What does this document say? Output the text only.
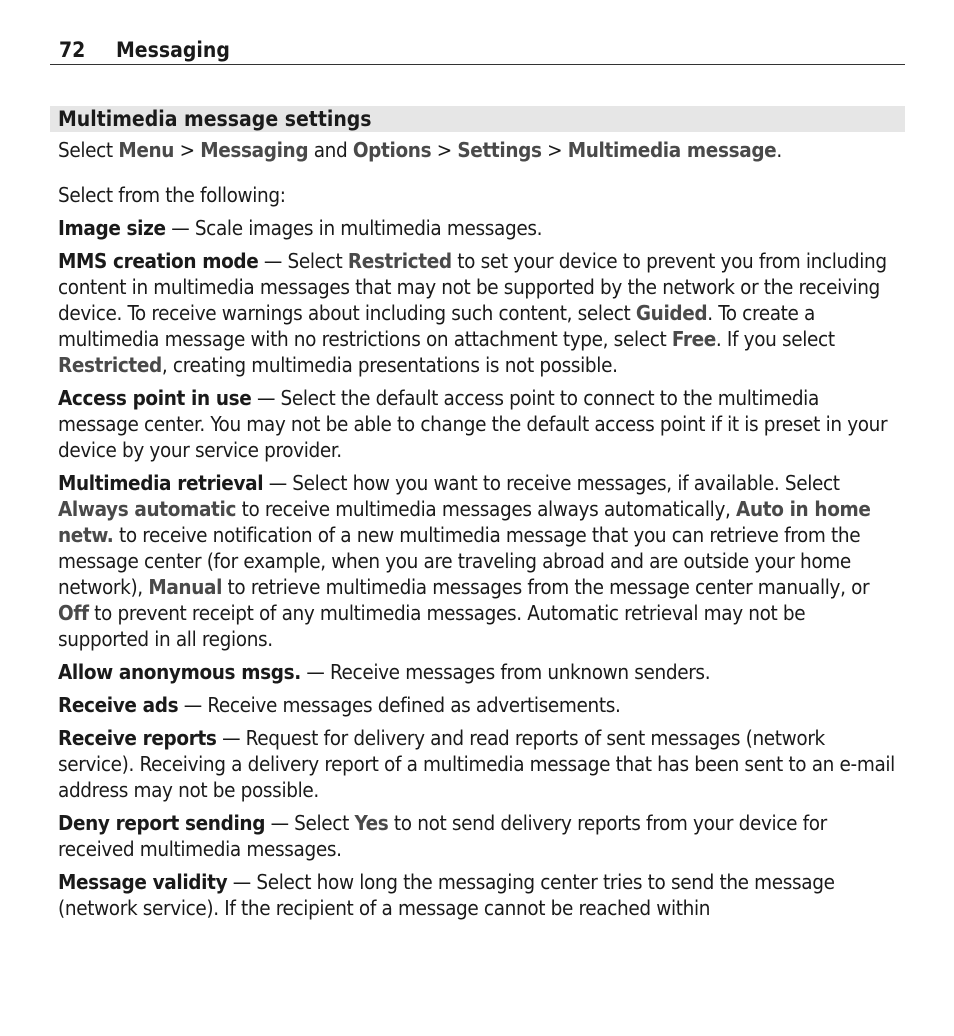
72 Messaging
Multimedia message settings

Select Menu > Messaging and Options > Settings > Multimedia message.

Select from the following:

Image size — Scale images in multimedia messages.

MMS creation mode — Select Restricted to set your device to prevent you from including content in multimedia messages that may not be supported by the network or the receiving device. To receive warnings about including such content, select Guided. To create a multimedia message with no restrictions on attachment type, select Free. If you select Restricted, creating multimedia presentations is not possible.

Access point in use — Select the default access point to connect to the multimedia message center. You may not be able to change the default access point if it is preset in your device by your service provider.

Multimedia retrieval — Select how you want to receive messages, if available. Select Always automatic to receive multimedia messages always automatically, Auto in home netw. to receive notification of a new multimedia message that you can retrieve from the message center (for example, when you are traveling abroad and are outside your home network), Manual to retrieve multimedia messages from the message center manually, or Off to prevent receipt of any multimedia messages. Automatic retrieval may not be supported in all regions.

Allow anonymous msgs. — Receive messages from unknown senders.

Receive ads — Receive messages defined as advertisements.

Receive reports — Request for delivery and read reports of sent messages (network service). Receiving a delivery report of a multimedia message that has been sent to an e-mail address may not be possible.

Deny report sending — Select Yes to not send delivery reports from your device for received multimedia messages.

Message validity — Select how long the messaging center tries to send the message (network service). If the recipient of a message cannot be reached within
